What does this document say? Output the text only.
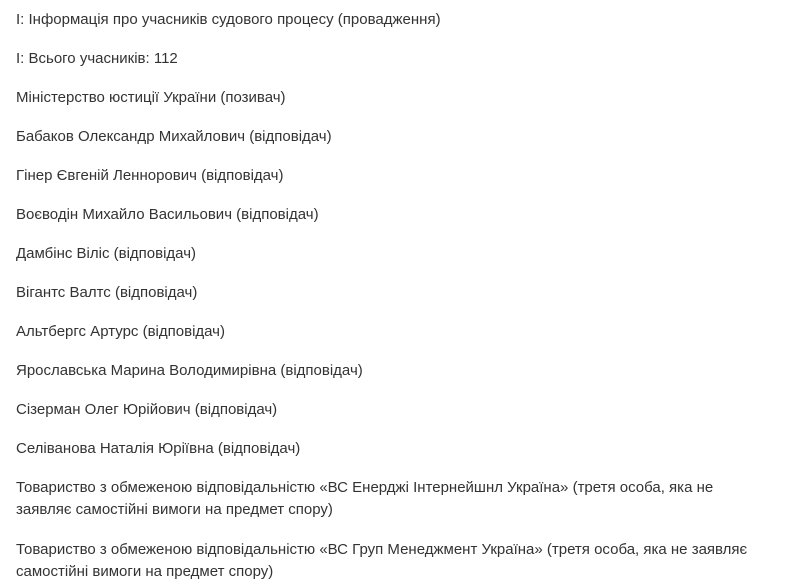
І: Інформація про учасників судового процесу (провадження)
І: Всього учасників: 112
Міністерство юстиції України (позивач)
Бабаков Олександр Михайлович (відповідач)
Гінер Євгеній Леннорович (відповідач)
Воєводін Михайло Васильович (відповідач)
Дамбінс Віліс (відповідач)
Вігантс Валтс (відповідач)
Альтбергс Артурс (відповідач)
Ярославська Марина Володимирівна (відповідач)
Сізерман Олег Юрійович (відповідач)
Селіванова Наталія Юріївна (відповідач)
Товариство з обмеженою відповідальністю «ВС Енерджі Інтернейшнл Україна» (третя особа, яка не заявляє самостійні вимоги на предмет спору)
Товариство з обмеженою відповідальністю «ВС Груп Менеджмент Україна» (третя особа, яка не заявляє самостійні вимоги на предмет спору)
